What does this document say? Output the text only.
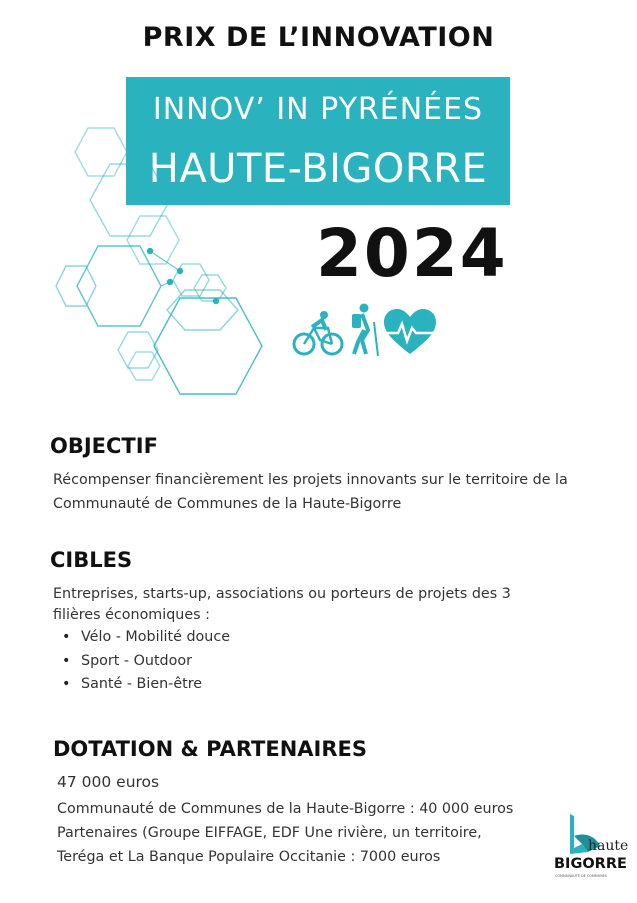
PRIX DE L’INNOVATION
INNOV’ IN PYRÉNÉES
HAUTE-BIGORRE
2024
OBJECTIF
Récompenser financièrement les projets innovants sur le territoire de la
Communauté de Communes de la Haute-Bigorre
CIBLES
Entreprises, starts-up, associations ou porteurs de projets des 3
filières économiques :
• Vélo - Mobilité douce
• Sport - Outdoor
• Santé - Bien-être
DOTATION & PARTENAIRES
47 000 euros
Communauté de Communes de la Haute-Bigorre : 40 000 euros
Partenaires (Groupe EIFFAGE, EDF Une rivière, un territoire,
Teréga et La Banque Populaire Occitanie : 7000 euros
haute
BIGORRE
COMMUNAUTÉ DE COMMUNES
